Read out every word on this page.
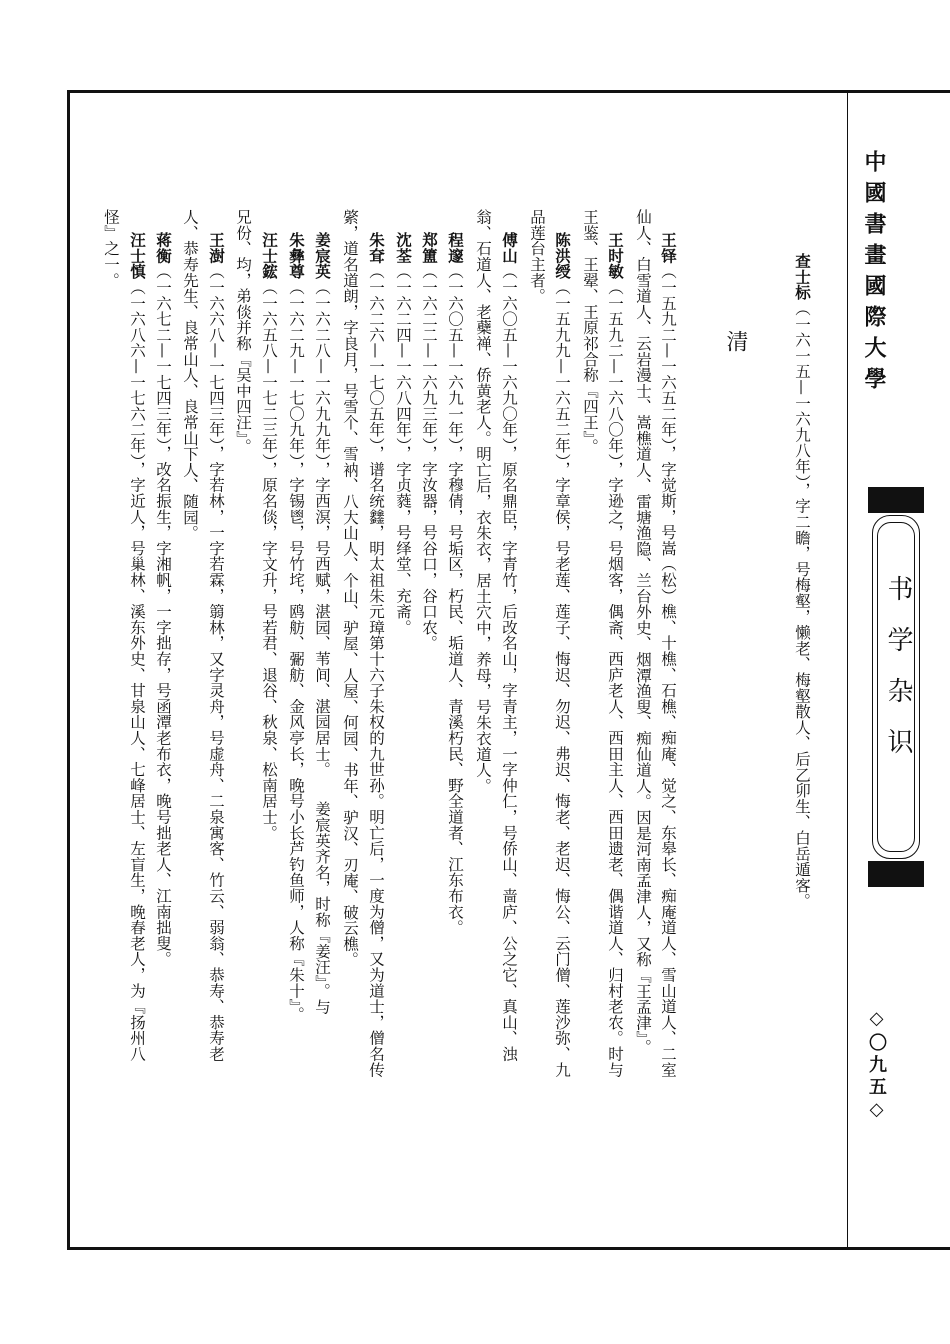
中國書畫國際大學
书学杂识
◇〇九五◇
清
查士标（一六一五—一六九八年），字二瞻，号梅壑，懒老、梅壑散人、后乙卯生、白岳遁客。
王铎（一五九二—一六五二年），字觉斯，号嵩（松）樵、十樵、石樵、痴庵、觉之、东皋长、痴庵道人、雪山道人、二室
仙人、白雪道人、云岩漫士、嵩樵道人、雷塘渔隐、兰台外史、烟潭渔叟、痴仙道人。因是河南孟津人，又称『王孟津』。
王时敏（一五九二—一六八〇年），字逊之，号烟客，偶斋、西庐老人、西田主人、西田遗老、偶谐道人、归村老农。时与
王鉴、王翚、王原祁合称『四王』。
陈洪绶（一五九九—一六五二年），字章侯，号老莲、莲子、悔迟、勿迟、弗迟、悔老、老迟、悔公、云门僧、莲沙弥、九
品莲台主者。
傅山（一六〇五—一六九〇年），原名鼎臣，字青竹，后改名山，字青主，一字仲仁，号侨山、啬庐、公之它、真山、浊
翁、石道人、老蘗禅、侨黄老人。明亡后，衣朱衣，居土穴中，养母，号朱衣道人。
程邃（一六〇五—一六九一年），字穆倩，号垢区，朽民、垢道人、青溪朽民、野全道者、江东布衣。
郑簠（一六二二—一六九三年），字汝器，号谷口，谷口农。
沈荃（一六二四—一六八四年），字贞蕤，号绎堂、充斋。
朱耷（一六二六—一七〇五年），谱名统𨰻，明太祖朱元璋第十六子朱权的九世孙。明亡后，一度为僧，又为道士，僧名传
綮，道名道朗，字良月，号雪个、雪衲、八大山人、个山、驴屋、人屋、何园、书年、驴汉、刃庵、破云樵。
姜宸英（一六二八—一六九九年），字西溟，号西赋，湛园、苇间、湛园居士。　　姜宸英齐名，时称『姜汪』。与
朱彝尊（一六二九—一七〇九年），字锡鬯，号竹垞，鸥舫、䰜舫、金风亭长，晚号小长芦钓鱼师，人称『朱十』。
汪士鋐（一六五八—一七二三年），原名倓，字文升，号若君、退谷、秋泉、松南居士。
兄份、均，弟倓并称『吴中四汪』。
王澍（一六六八—一七四三年），字若林，一字若霖，篛林，又字灵舟，号虚舟、二泉寓客、竹云、弱翁、恭寿、恭寿老
人、恭寿先生、良常山人、良常山下人、随园。
蒋衡（一六七二—一七四三年），改名振生，字湘帆，一字拙存，号函潭老布衣，晚号拙老人、江南拙叟。
汪士慎（一六八六—一七六二年），字近人，号巢林、溪东外史、甘泉山人、七峰居士、左盲生，晚春老人，为『扬州八
怪』之一。
